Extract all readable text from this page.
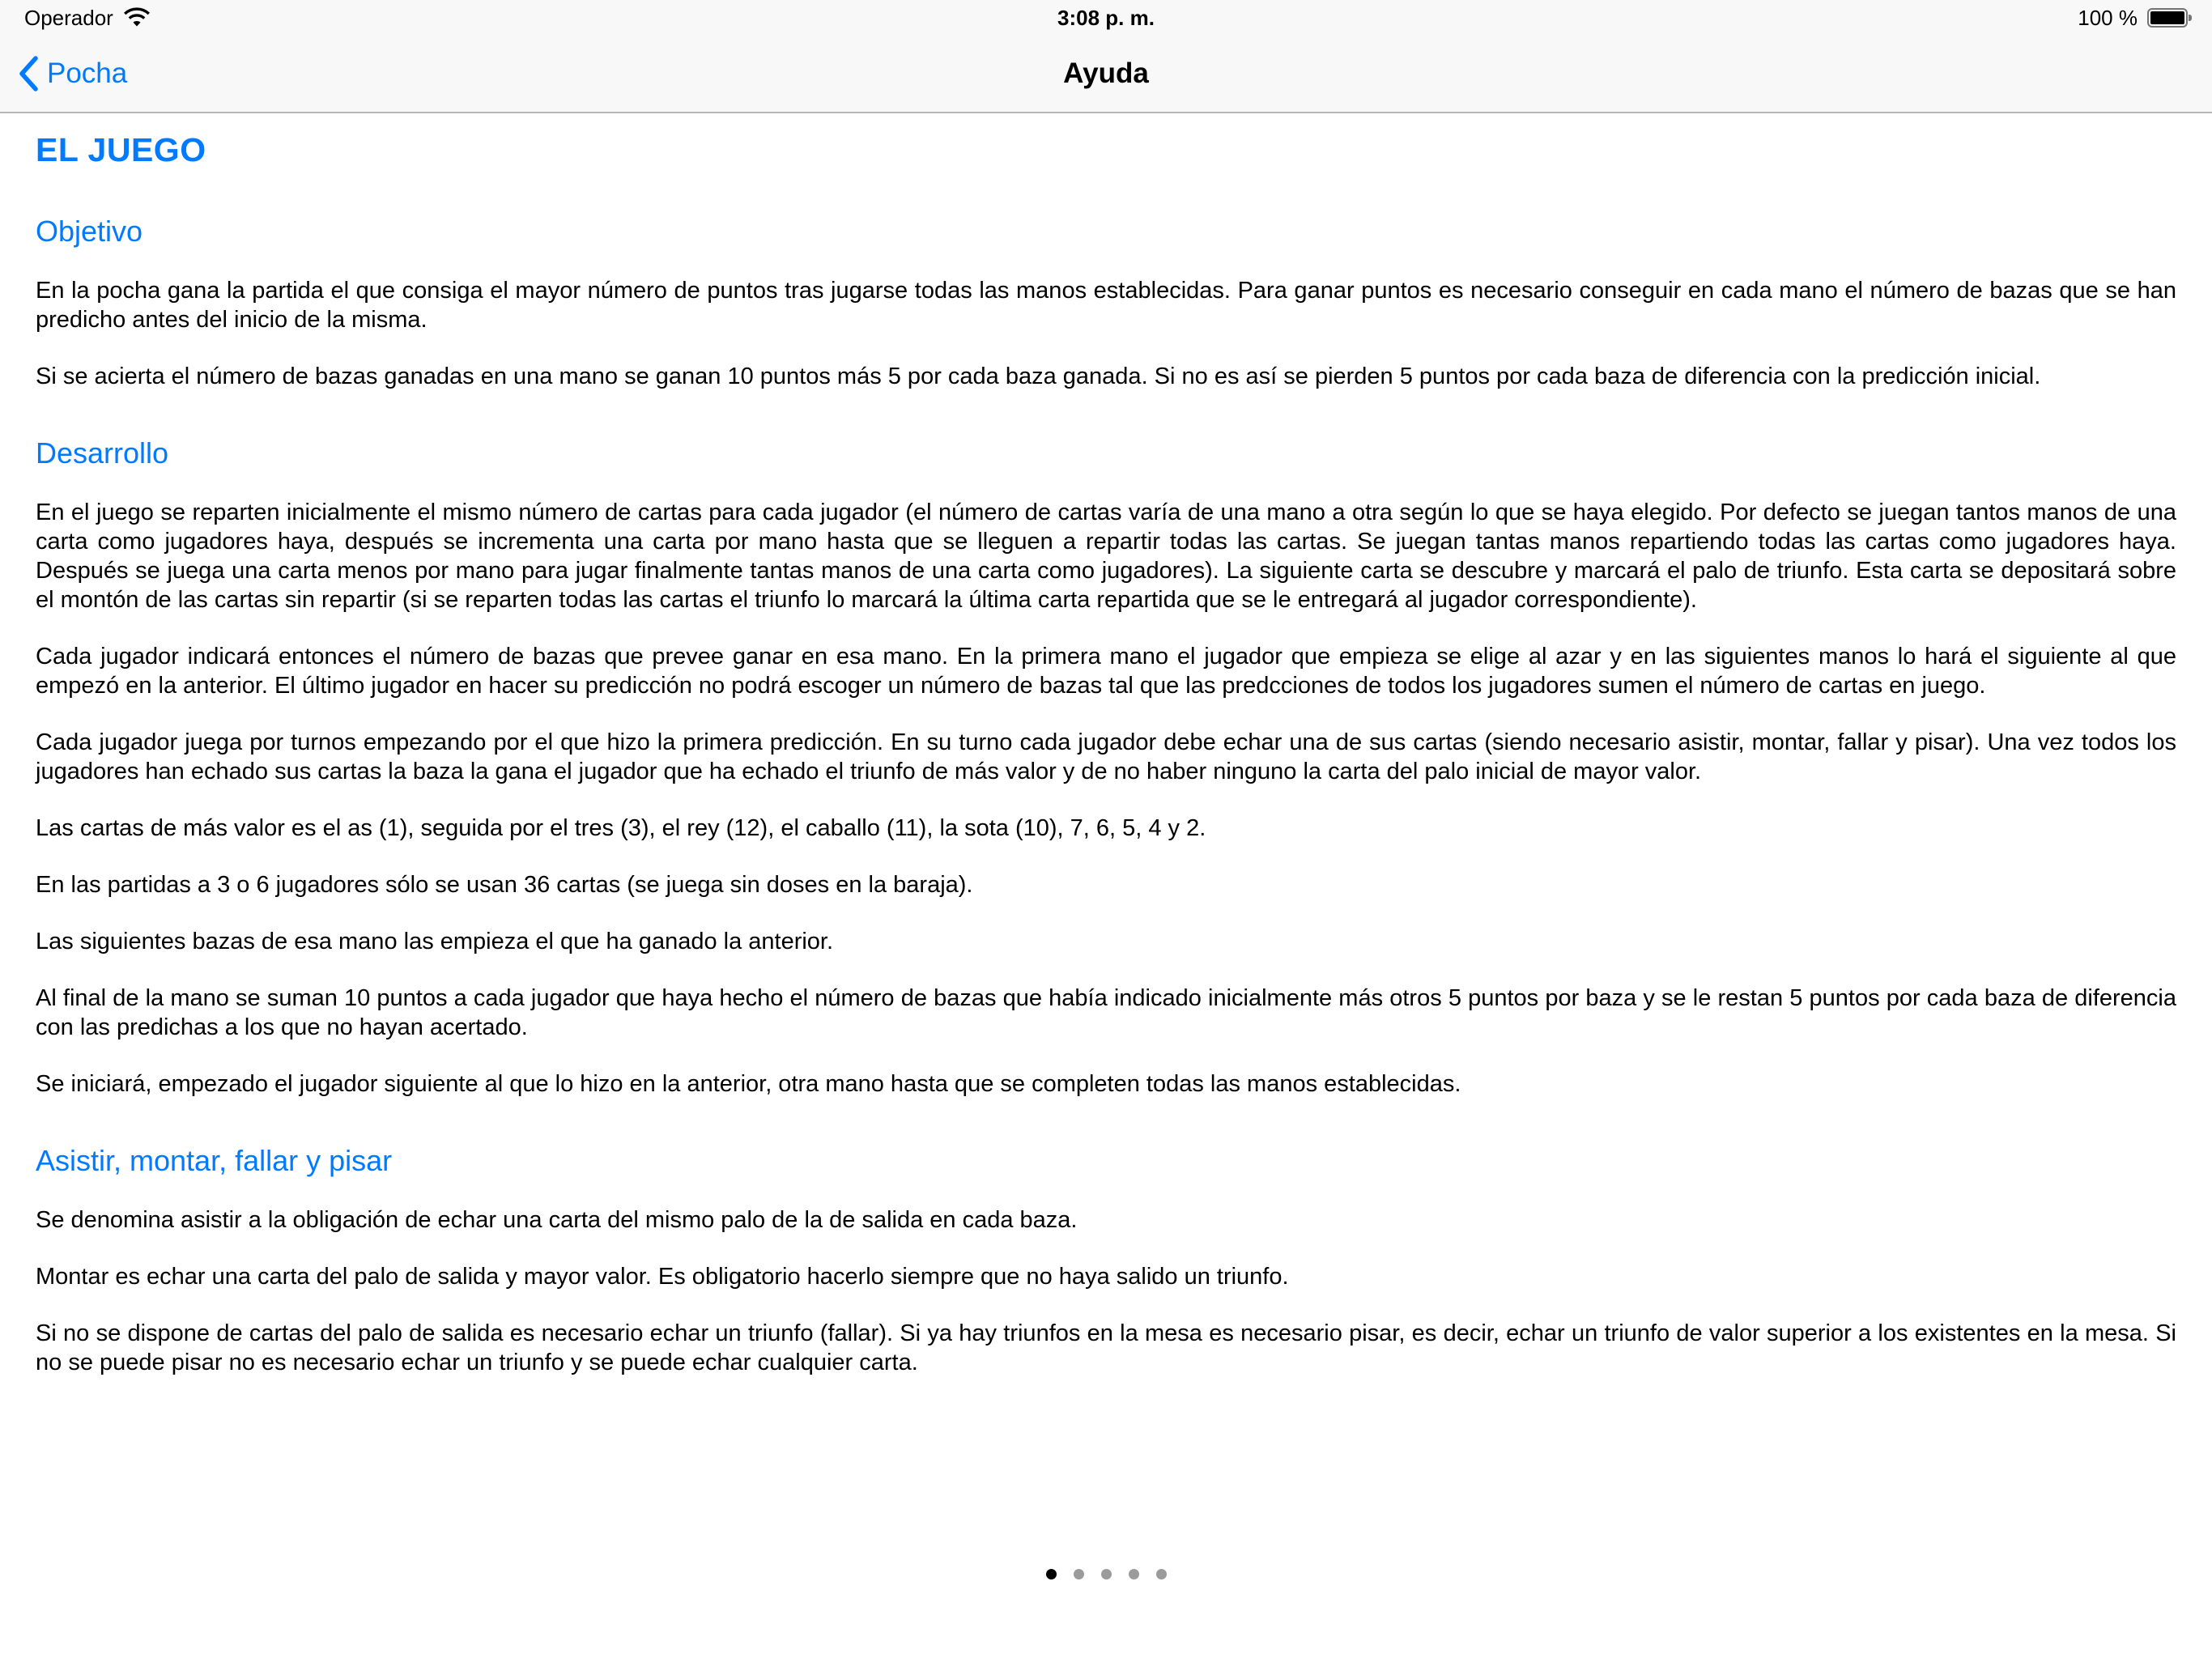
Operador	3:08 p. m.	100 %
Pocha	Ayuda
EL JUEGO
Objetivo

En la pocha gana la partida el que consiga el mayor número de puntos tras jugarse todas las manos establecidas. Para ganar puntos es necesario conseguir en cada mano el número de bazas que se han predicho antes del inicio de la misma.

Si se acierta el número de bazas ganadas en una mano se ganan 10 puntos más 5 por cada baza ganada. Si no es así se pierden 5 puntos por cada baza de diferencia con la predicción inicial.

Desarrollo

En el juego se reparten inicialmente el mismo número de cartas para cada jugador (el número de cartas varía de una mano a otra según lo que se haya elegido. Por defecto se juegan tantos manos de una carta como jugadores haya, después se incrementa una carta por mano hasta que se lleguen a repartir todas las cartas. Se juegan tantas manos repartiendo todas las cartas como jugadores haya. Después se juega una carta menos por mano para jugar finalmente tantas manos de una carta como jugadores). La siguiente carta se descubre y marcará el palo de triunfo. Esta carta se depositará sobre el montón de las cartas sin repartir (si se reparten todas las cartas el triunfo lo marcará la última carta repartida que se le entregará al jugador correspondiente).

Cada jugador indicará entonces el número de bazas que prevee ganar en esa mano. En la primera mano el jugador que empieza se elige al azar y en las siguientes manos lo hará el siguiente al que empezó en la anterior. El último jugador en hacer su predicción no podrá escoger un número de bazas tal que las predcciones de todos los jugadores sumen el número de cartas en juego.

Cada jugador juega por turnos empezando por el que hizo la primera predicción. En su turno cada jugador debe echar una de sus cartas (siendo necesario asistir, montar, fallar y pisar). Una vez todos los jugadores han echado sus cartas la baza la gana el jugador que ha echado el triunfo de más valor y de no haber ninguno la carta del palo inicial de mayor valor.

Las cartas de más valor es el as (1), seguida por el tres (3), el rey (12), el caballo (11), la sota (10), 7, 6, 5, 4 y 2.

En las partidas a 3 o 6 jugadores sólo se usan 36 cartas (se juega sin doses en la baraja).

Las siguientes bazas de esa mano las empieza el que ha ganado la anterior.

Al final de la mano se suman 10 puntos a cada jugador que haya hecho el número de bazas que había indicado inicialmente más otros 5 puntos por baza y se le restan 5 puntos por cada baza de diferencia con las predichas a los que no hayan acertado.

Se iniciará, empezado el jugador siguiente al que lo hizo en la anterior, otra mano hasta que se completen todas las manos establecidas.

Asistir, montar, fallar y pisar

Se denomina asistir a la obligación de echar una carta del mismo palo de la de salida en cada baza.

Montar es echar una carta del palo de salida y mayor valor. Es obligatorio hacerlo siempre que no haya salido un triunfo.

Si no se dispone de cartas del palo de salida es necesario echar un triunfo (fallar). Si ya hay triunfos en la mesa es necesario pisar, es decir, echar un triunfo de valor superior a los existentes en la mesa. Si no se puede pisar no es necesario echar un triunfo y se puede echar cualquier carta.
